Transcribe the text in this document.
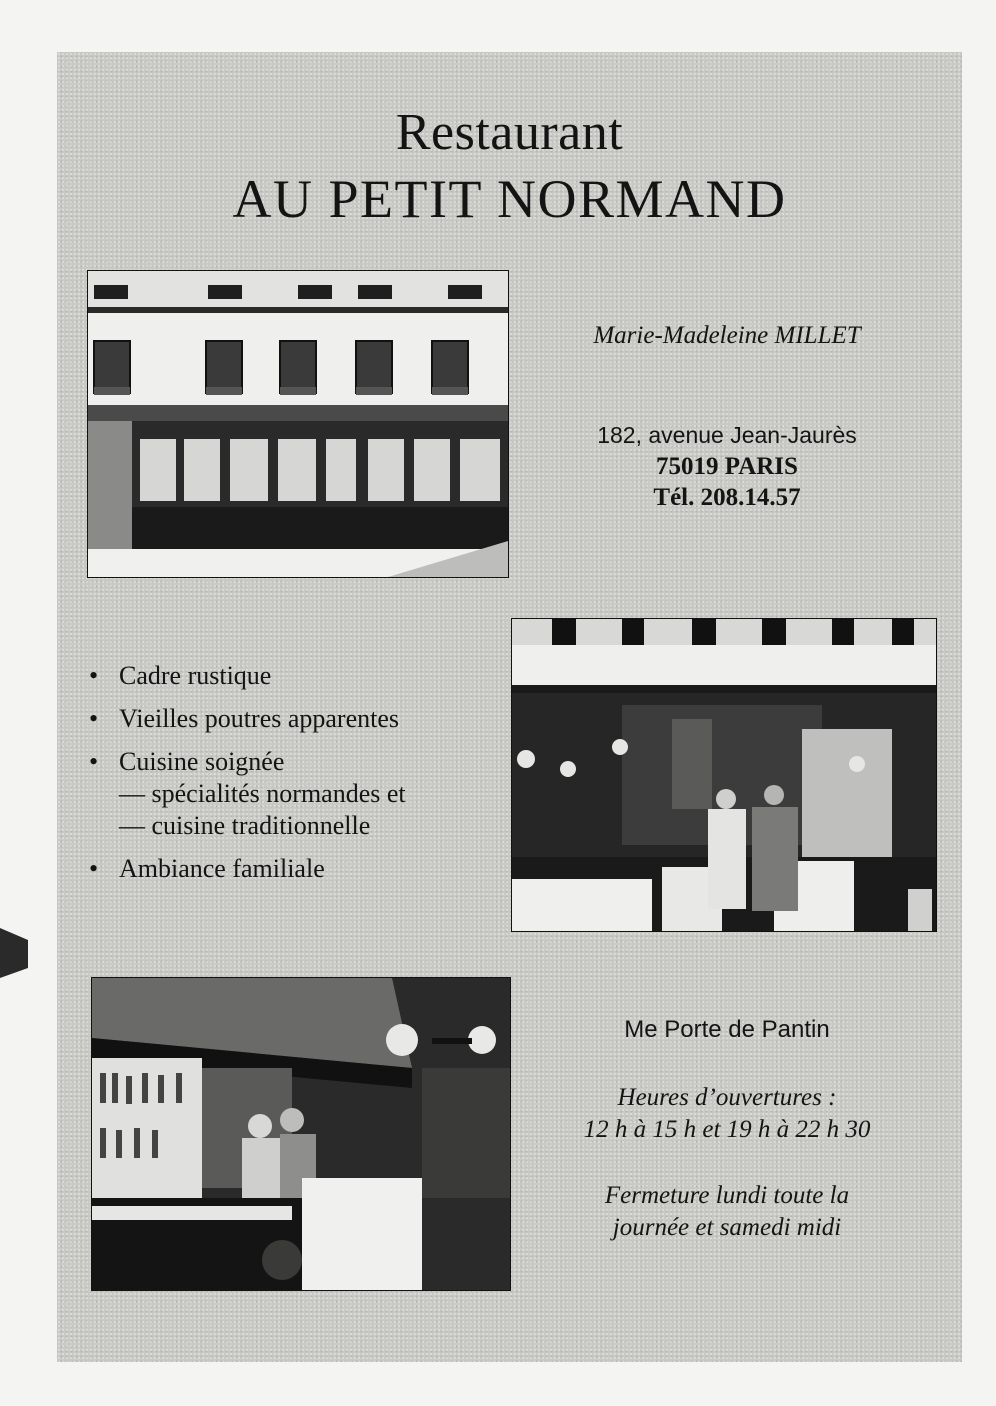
Restaurant
AU PETIT NORMAND
Marie-Madeleine MILLET
182, avenue Jean-Jaurès
75019 PARIS
Tél. 208.14.57
• Cadre rustique
• Vieilles poutres apparentes
• Cuisine soignée
— spécialités normandes et
— cuisine traditionnelle
• Ambiance familiale
Me Porte de Pantin
Heures d’ouvertures :
12 h à 15 h et 19 h à 22 h 30
Fermeture lundi toute la
journée et samedi midi
